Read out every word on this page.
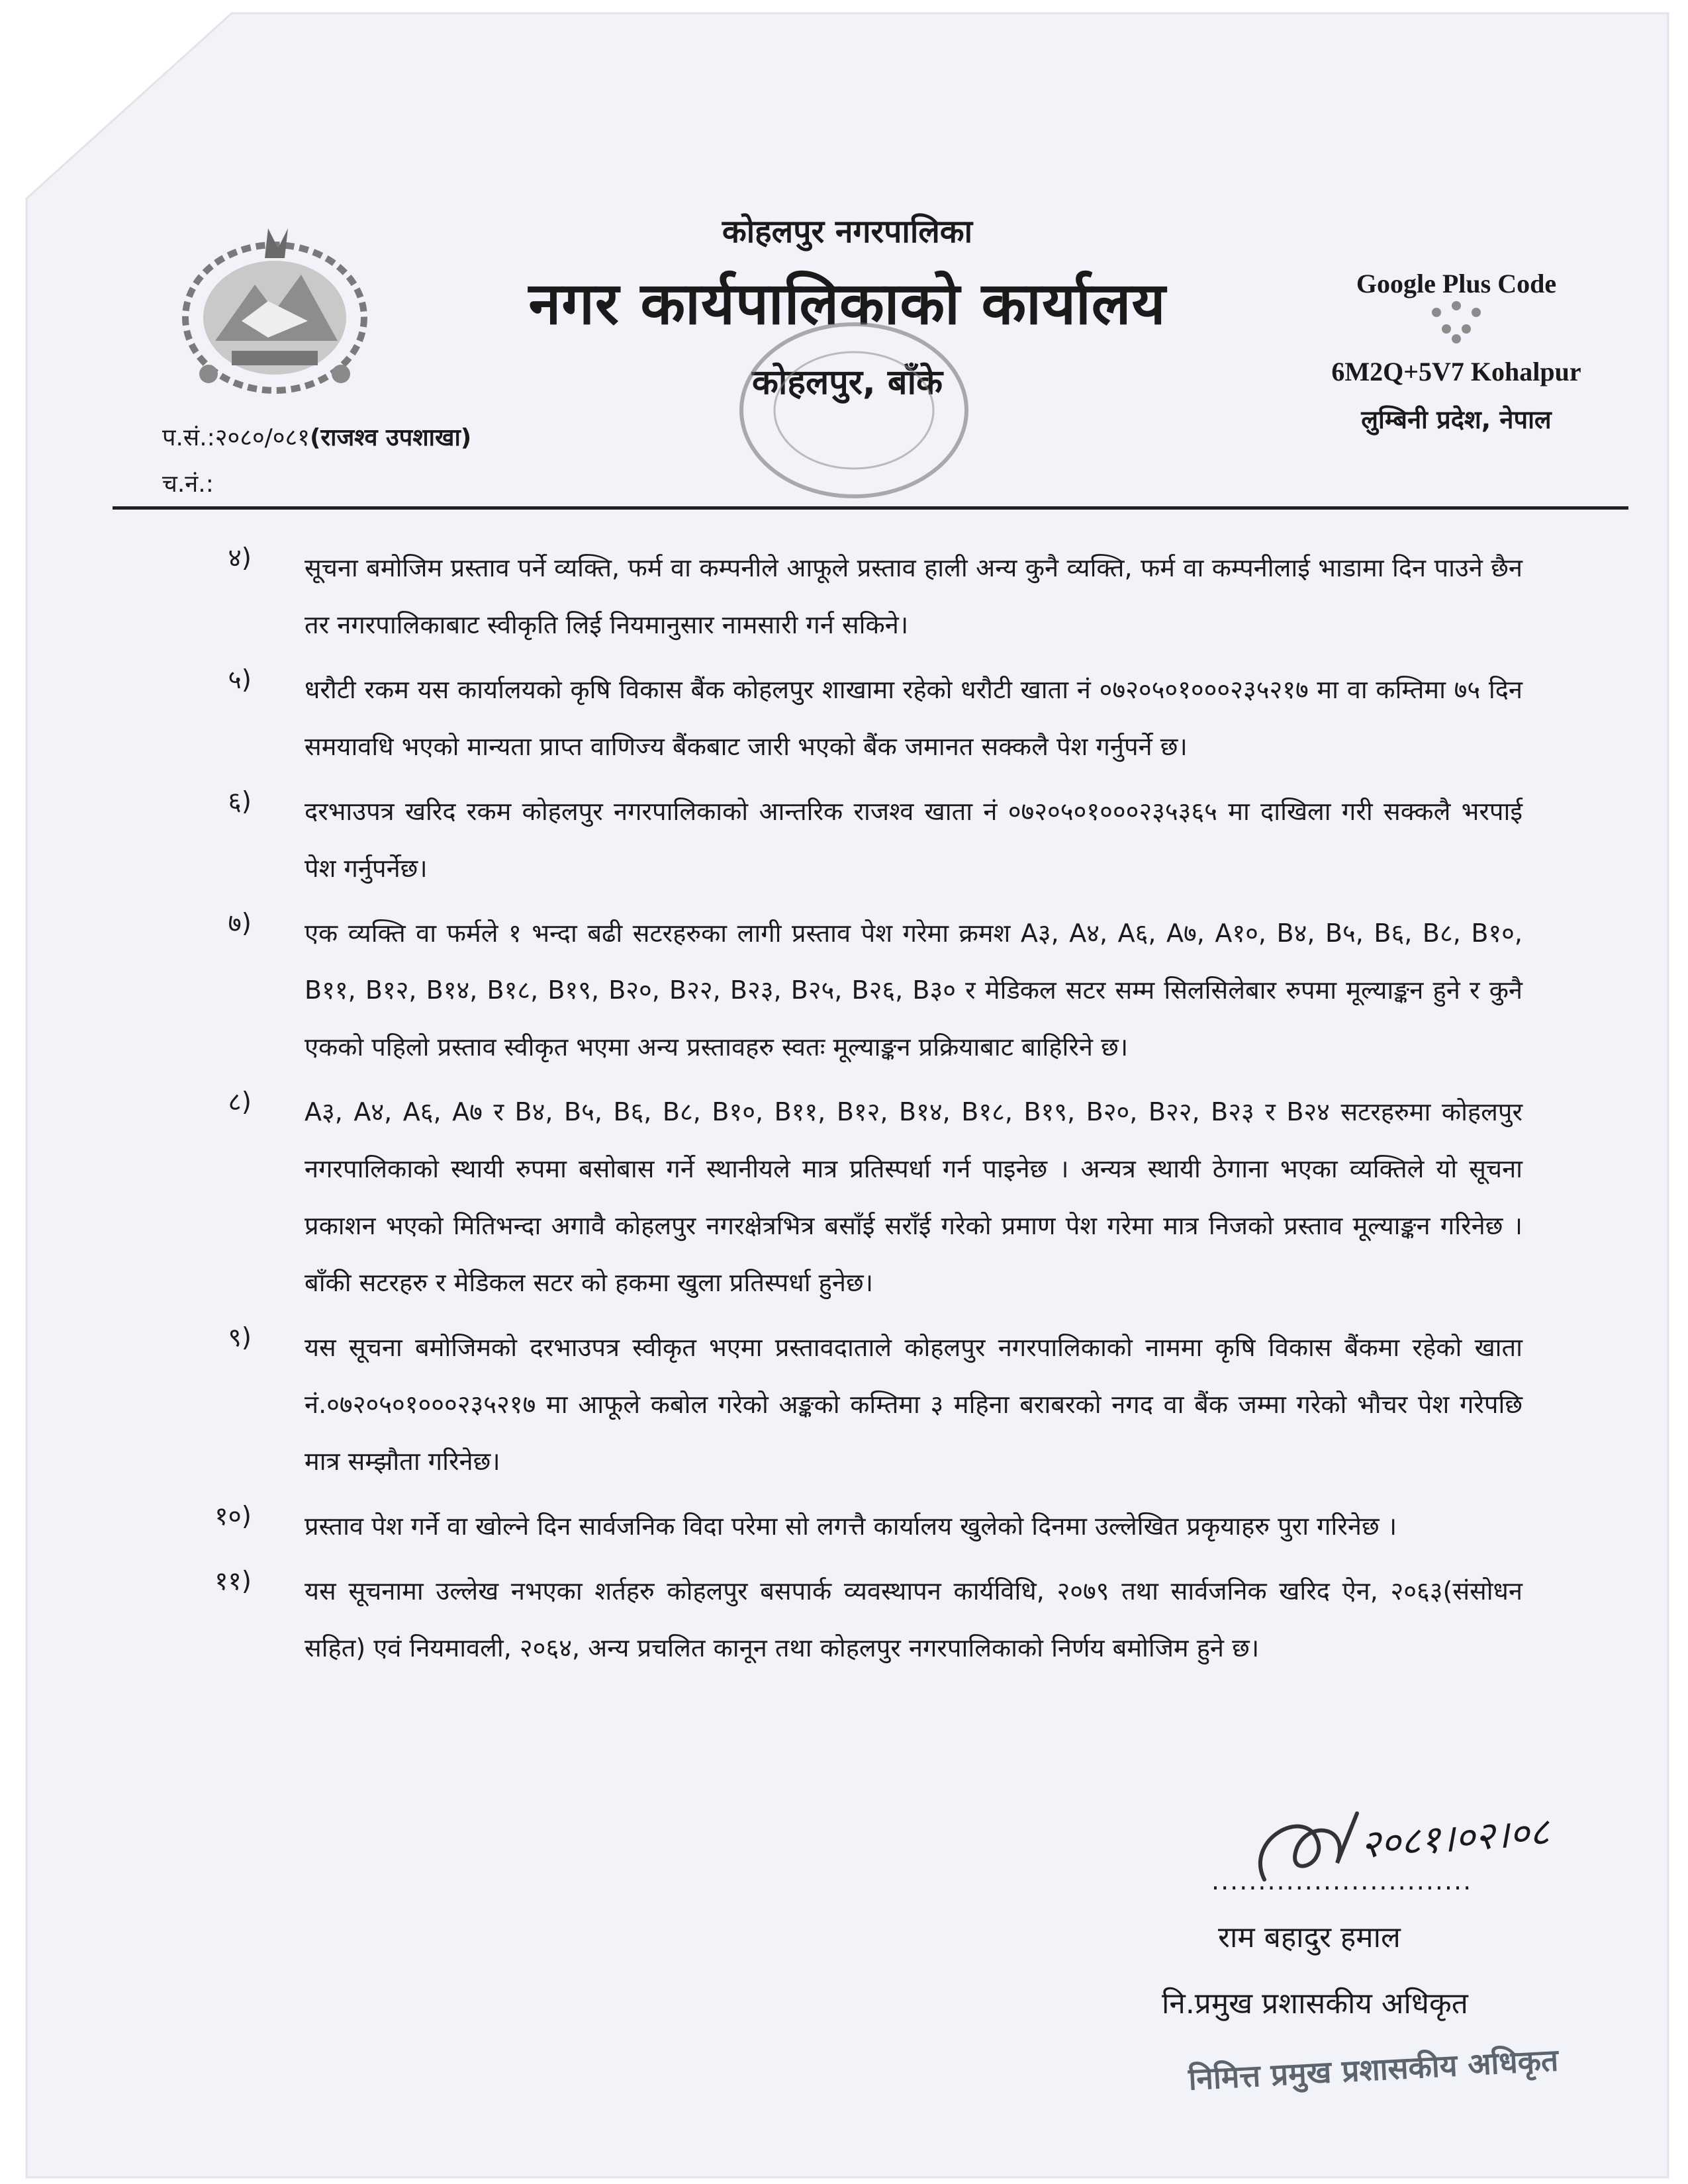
कोहलपुर नगरपालिका
नगर कार्यपालिकाको कार्यालय
कोहलपुर, बाँके
Google Plus Code
6M2Q+5V7 Kohalpur
लुम्बिनी प्रदेश, नेपाल
प.सं.:२०८०/०८१(राजश्व उपशाखा)
च.नं.:
४) सूचना बमोजिम प्रस्ताव पर्ने व्यक्ति, फर्म वा कम्पनीले आफूले प्रस्ताव हाली अन्य कुनै व्यक्ति, फर्म वा कम्पनीलाई भाडामा दिन पाउने छैन तर नगरपालिकाबाट स्वीकृति लिई नियमानुसार नामसारी गर्न सकिने।
५) धरौटी रकम यस कार्यालयको कृषि विकास बैंक कोहलपुर शाखामा रहेको धरौटी खाता नं ०७२०५०१०००२३५२१७ मा वा कम्तिमा ७५ दिन समयावधि भएको मान्यता प्राप्त वाणिज्य बैंकबाट जारी भएको बैंक जमानत सक्कलै पेश गर्नुपर्ने छ।
६) दरभाउपत्र खरिद रकम कोहलपुर नगरपालिकाको आन्तरिक राजश्व खाता नं ०७२०५०१०००२३५३६५ मा दाखिला गरी सक्कलै भरपाई पेश गर्नुपर्नेछ।
७) एक व्यक्ति वा फर्मले १ भन्दा बढी सटरहरुका लागी प्रस्ताव पेश गरेमा क्रमश A३, A४, A६, A७, A१०, B४, B५, B६, B८, B१०, B११, B१२, B१४, B१८, B१९, B२०, B२२, B२३, B२५, B२६, B३० र मेडिकल सटर सम्म सिलसिलेबार रुपमा मूल्याङ्कन हुने र कुनै एकको पहिलो प्रस्ताव स्वीकृत भएमा अन्य प्रस्तावहरु स्वतः मूल्याङ्कन प्रक्रियाबाट बाहिरिने छ।
८) A३, A४, A६, A७ र B४, B५, B६, B८, B१०, B११, B१२, B१४, B१८, B१९, B२०, B२२, B२३ र B२४ सटरहरुमा कोहलपुर नगरपालिकाको स्थायी रुपमा बसोबास गर्ने स्थानीयले मात्र प्रतिस्पर्धा गर्न पाइनेछ । अन्यत्र स्थायी ठेगाना भएका व्यक्तिले यो सूचना प्रकाशन भएको मितिभन्दा अगावै कोहलपुर नगरक्षेत्रभित्र बसाँई सराँई गरेको प्रमाण पेश गरेमा मात्र निजको प्रस्ताव मूल्याङ्कन गरिनेछ । बाँकी सटरहरु र मेडिकल सटर को हकमा खुला प्रतिस्पर्धा हुनेछ।
९) यस सूचना बमोजिमको दरभाउपत्र स्वीकृत भएमा प्रस्तावदाताले कोहलपुर नगरपालिकाको नाममा कृषि विकास बैंकमा रहेको खाता नं.०७२०५०१०००२३५२१७ मा आफूले कबोल गरेको अङ्कको कम्तिमा ३ महिना बराबरको नगद वा बैंक जम्मा गरेको भौचर पेश गरेपछि मात्र सम्झौता गरिनेछ।
१०) प्रस्ताव पेश गर्ने वा खोल्ने दिन सार्वजनिक विदा परेमा सो लगत्तै कार्यालय खुलेको दिनमा उल्लेखित प्रकृयाहरु पुरा गरिनेछ ।
११) यस सूचनामा उल्लेख नभएका शर्तहरु कोहलपुर बसपार्क व्यवस्थापन कार्यविधि, २०७९ तथा सार्वजनिक खरिद ऐन, २०६३(संसोधन सहित) एवं नियमावली, २०६४, अन्य प्रचलित कानून तथा कोहलपुर नगरपालिकाको निर्णय बमोजिम हुने छ।
............................
२०८१।०२।०८
राम बहादुर हमाल
नि.प्रमुख प्रशासकीय अधिकृत
निमित्त प्रमुख प्रशासकीय अधिकृत
